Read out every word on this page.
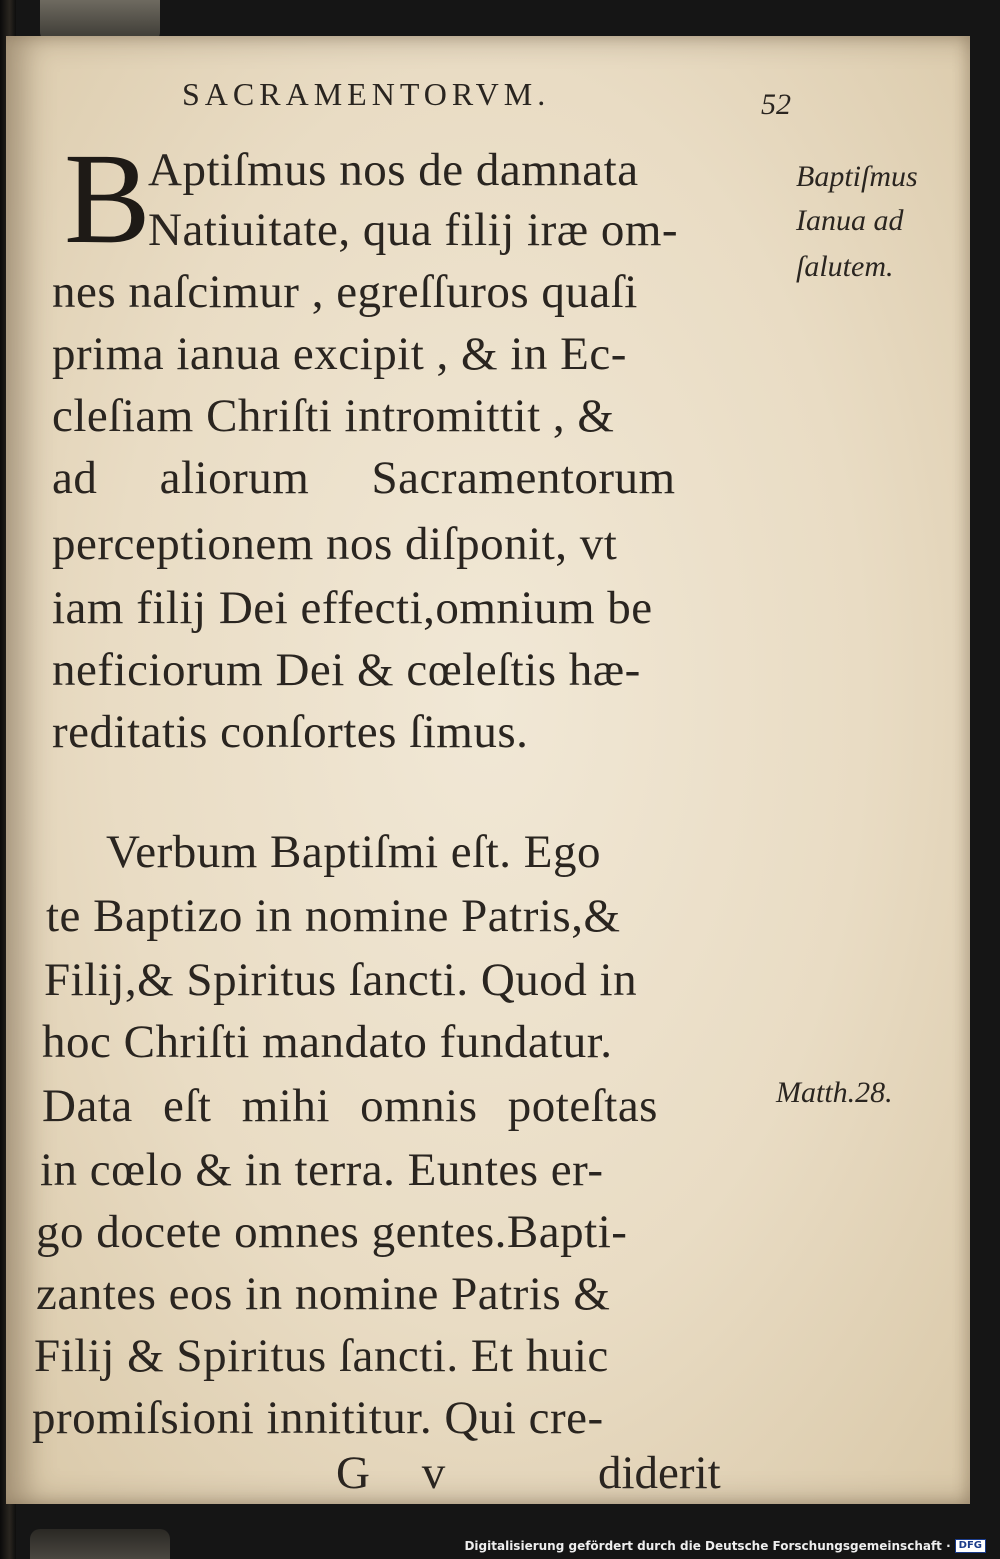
SACRAMENTORVM.	52
B
Aptiſmus nos de damnata
Natiuitate, qua filij iræ om-
nes naſcimur , egreſſuros quaſi
prima ianua excipit , & in Ec-
cleſiam Chriſti intromittit , &
ad aliorum Sacramentorum
perceptionem nos diſponit, vt
iam filij Dei effecti,omnium be
neficiorum Dei & cœleſtis hæ-
reditatis conſortes ſimus.
Verbum Baptiſmi eſt. Ego
te Baptizo in nomine Patris,&
Filij,& Spiritus ſancti. Quod in
hoc Chriſti mandato fundatur.
Data eſt mihi omnis poteſtas
in cœlo & in terra. Euntes er-
go docete omnes gentes.Bapti-
zantes eos in nomine Patris &
Filij & Spiritus ſancti. Et huic
promiſsioni innititur. Qui cre-
Baptiſmus
Ianua ad
ſalutem.
Matth.28.
G v	diderit
Digitalisierung gefördert durch die Deutsche Forschungsgemeinschaft · DFG
